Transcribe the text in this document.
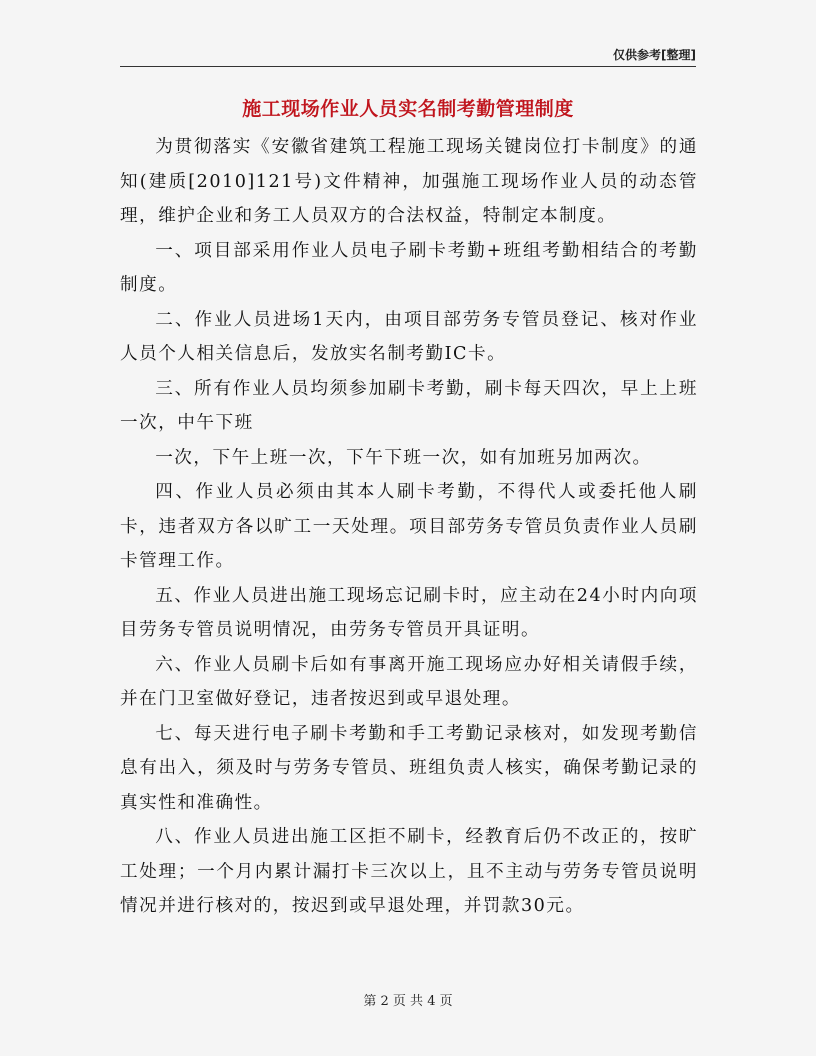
仅供参考[整理]
施工现场作业人员实名制考勤管理制度

为贯彻落实《安徽省建筑工程施工现场关键岗位打卡制度》的通知(建质[2010]121号)文件精神，加强施工现场作业人员的动态管理，维护企业和务工人员双方的合法权益，特制定本制度。

一、项目部采用作业人员电子刷卡考勤+班组考勤相结合的考勤制度。

二、作业人员进场1天内，由项目部劳务专管员登记、核对作业人员个人相关信息后，发放实名制考勤IC卡。

三、所有作业人员均须参加刷卡考勤，刷卡每天四次，早上上班一次，中午下班

一次，下午上班一次，下午下班一次，如有加班另加两次。

四、作业人员必须由其本人刷卡考勤，不得代人或委托他人刷卡，违者双方各以旷工一天处理。项目部劳务专管员负责作业人员刷卡管理工作。

五、作业人员进出施工现场忘记刷卡时，应主动在24小时内向项目劳务专管员说明情况，由劳务专管员开具证明。

六、作业人员刷卡后如有事离开施工现场应办好相关请假手续，并在门卫室做好登记，违者按迟到或早退处理。

七、每天进行电子刷卡考勤和手工考勤记录核对，如发现考勤信息有出入，须及时与劳务专管员、班组负责人核实，确保考勤记录的真实性和准确性。

八、作业人员进出施工区拒不刷卡，经教育后仍不改正的，按旷工处理；一个月内累计漏打卡三次以上，且不主动与劳务专管员说明情况并进行核对的，按迟到或早退处理，并罚款30元。

第 2 页 共 4 页
